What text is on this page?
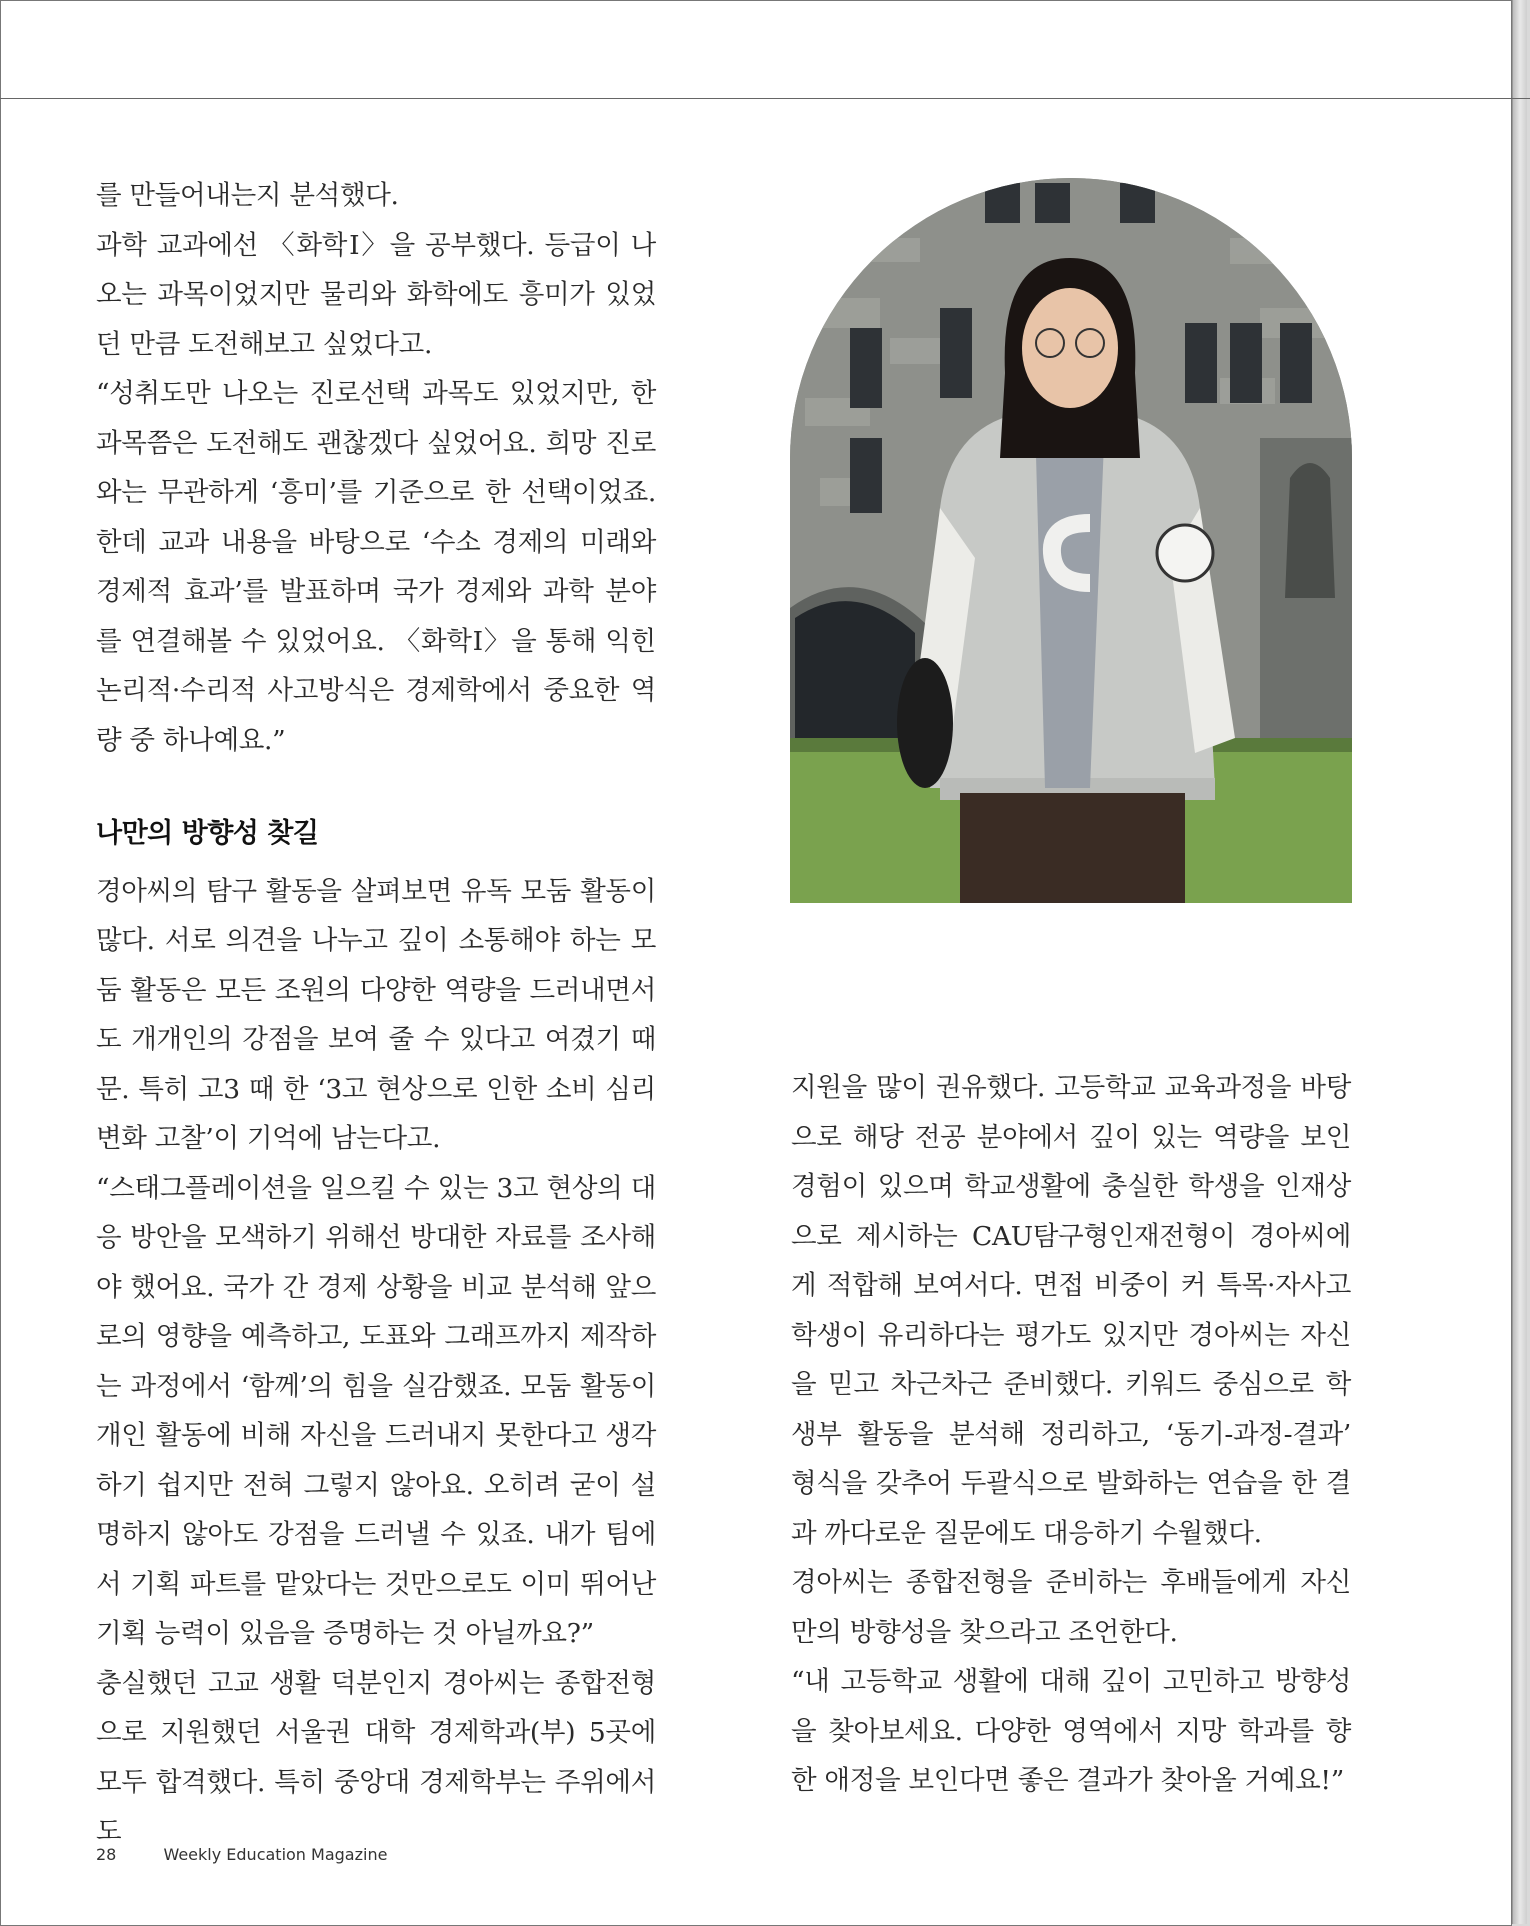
를 만들어내는지 분석했다.

과학 교과에선 〈화학Ⅰ〉을 공부했다. 등급이 나오는 과목이었지만 물리와 화학에도 흥미가 있었던 만큼 도전해보고 싶었다고.

“성취도만 나오는 진로선택 과목도 있었지만, 한 과목쯤은 도전해도 괜찮겠다 싶었어요. 희망 진로와는 무관하게 ‘흥미’를 기준으로 한 선택이었죠. 한데 교과 내용을 바탕으로 ‘수소 경제의 미래와 경제적 효과’를 발표하며 국가 경제와 과학 분야를 연결해볼 수 있었어요. 〈화학Ⅰ〉을 통해 익힌 논리적·수리적 사고방식은 경제학에서 중요한 역량 중 하나예요.”

나만의 방향성 찾길

경아씨의 탐구 활동을 살펴보면 유독 모둠 활동이 많다. 서로 의견을 나누고 깊이 소통해야 하는 모둠 활동은 모든 조원의 다양한 역량을 드러내면서도 개개인의 강점을 보여 줄 수 있다고 여겼기 때문. 특히 고3 때 한 ‘3고 현상으로 인한 소비 심리 변화 고찰’이 기억에 남는다고.

“스태그플레이션을 일으킬 수 있는 3고 현상의 대응 방안을 모색하기 위해선 방대한 자료를 조사해야 했어요. 국가 간 경제 상황을 비교 분석해 앞으로의 영향을 예측하고, 도표와 그래프까지 제작하는 과정에서 ‘함께’의 힘을 실감했죠. 모둠 활동이 개인 활동에 비해 자신을 드러내지 못한다고 생각하기 쉽지만 전혀 그렇지 않아요. 오히려 굳이 설명하지 않아도 강점을 드러낼 수 있죠. 내가 팀에서 기획 파트를 맡았다는 것만으로도 이미 뛰어난 기획 능력이 있음을 증명하는 것 아닐까요?”

충실했던 고교 생활 덕분인지 경아씨는 종합전형으로 지원했던 서울권 대학 경제학과(부) 5곳에 모두 합격했다. 특히 중앙대 경제학부는 주위에서도

지원을 많이 권유했다. 고등학교 교육과정을 바탕으로 해당 전공 분야에서 깊이 있는 역량을 보인 경험이 있으며 학교생활에 충실한 학생을 인재상으로 제시하는 CAU탐구형인재전형이 경아씨에게 적합해 보여서다. 면접 비중이 커 특목·자사고 학생이 유리하다는 평가도 있지만 경아씨는 자신을 믿고 차근차근 준비했다. 키워드 중심으로 학생부 활동을 분석해 정리하고, ‘동기-과정-결과’ 형식을 갖추어 두괄식으로 발화하는 연습을 한 결과 까다로운 질문에도 대응하기 수월했다.

경아씨는 종합전형을 준비하는 후배들에게 자신만의 방향성을 찾으라고 조언한다.

“내 고등학교 생활에 대해 깊이 고민하고 방향성을 찾아보세요. 다양한 영역에서 지망 학과를 향한 애정을 보인다면 좋은 결과가 찾아올 거예요!”

28	Weekly Education Magazine
